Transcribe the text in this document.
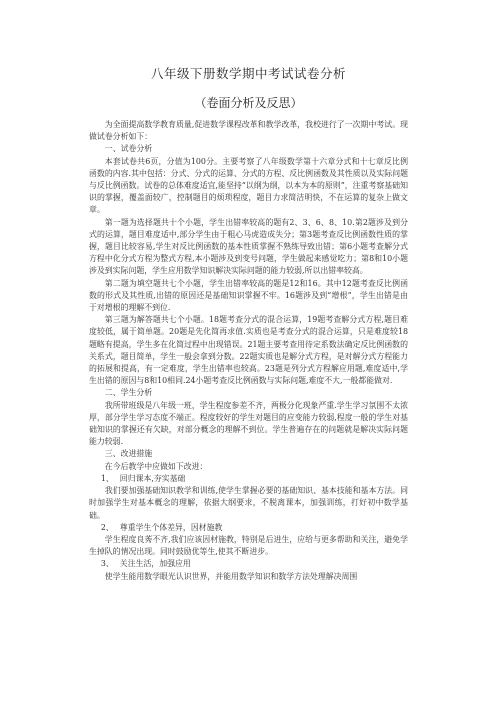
八年级下册数学期中考试试卷分析
（卷面分析及反思）

为全面提高数学教育质量,促进数学课程改革和教学改革，我校进行了一次期中考试。现做试卷分析如下：

一、试卷分析

本套试卷共6页，分值为100分。主要考察了八年级数学第十六章分式和十七章反比例函数的内容.其中包括：分式、分式的运算、分式的方程、反比例函数及其性质以及实际问题与反比例函数。试卷的总体难度适宜,能坚持“以纲为纲，以本为本的原则”，注重考察基础知识的掌握，覆盖面较广，控制题目的烦琐程度，题目力求简洁明快，不在运算的复杂上做文章。

第一题为选择题共十个小题，学生出错率较高的题有2、3、6、8、10.第2题涉及到分式的运算，题目难度适中,部分学生由于粗心马虎造成失分；第3题考查反比例函数性质的掌握，题目比较容易,学生对反比例函数的基本性质掌握不熟练导致出错；第6小题考查解分式方程中化分式方程为整式方程,本小题涉及到变号问题，学生做起来感觉吃力；第8和10小题涉及到实际问题，学生应用数学知识解决实际问题的能力较弱,所以出错率较高。

第二题为填空题共七个小题，学生出错率较高的题是12和16。其中12题考查反比例函数的形式及其性质,出错的原因还是基础知识掌握不牢。16题涉及到“增根”，学生出错是由于对增根的理解不到位.

第三题为解答题共七个小题。18题考查分式的混合运算，19题考查解分式方程,题目难度较低，属于简单题。20题是先化简再求值.实质也是考查分式的混合运算，只是难度较18题略有提高，学生多在化简过程中出现错误。21题主要考查用待定系数法确定反比例函数的关系式，题目简单，学生一般会拿到分数。22题实质也是解分式方程，是对解分式方程能力的拓展和提高，有一定难度，学生出错率也较高。23题是列分式方程解应用题,难度适中,学生出错的原因与8和10相同.24小题考查反比例函数与实际问题,难度不大,一般都能做对.

二、学生分析

我所带班级是八年级一班，学生程度参差不齐，两极分化现象严重.学生学习氛围不太浓厚，部分学生学习态度不端正。程度较好的学生对题目的应变能力较弱,程度一般的学生对基础知识的掌握还有欠缺，对部分概念的理解不到位。学生普遍存在的问题就是解决实际问题能力较弱.

三、改进措施

在今后教学中应做如下改进：

1、 回归课本,夯实基础

我们要加强基础知识教学和训练,使学生掌握必要的基础知识、基本技能和基本方法。同时加强学生对基本概念的理解，依据大纲要求，不脱离课本，加强训练，打好初中数学基础。

2、 尊重学生个体差异，因材施教

学生程度良莠不齐,我们应该因材施教，特别是后进生，应给与更多帮助和关注，避免学生掉队的情况出现。同时鼓励优等生,使其不断进步。

3、 关注生活，加强应用

使学生能用数学眼光认识世界，并能用数学知识和数学方法处理解决周围
